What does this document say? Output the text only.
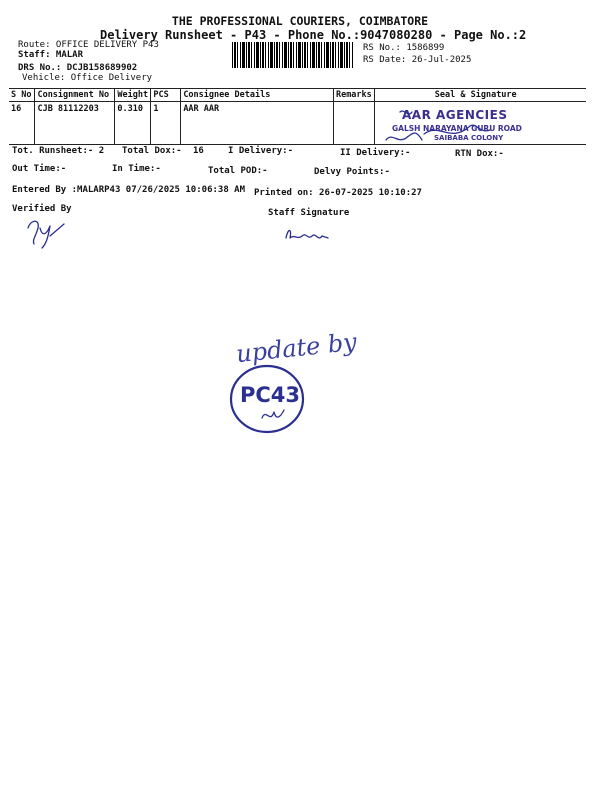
THE PROFESSIONAL COURIERS, COIMBATORE
Delivery Runsheet - P43 - Phone No.:9047080280 - Page No.:2
Route: OFFICE DELIVERY P43
Staff: MALAR
DRS No.: DCJB158689902
Vehicle: Office Delivery
RS No.: 1586899
RS Date: 26-Jul-2025
S No	Consignment No	Weight	PCS	Consignee Details	Remarks	Seal & Signature
16	CJB 81112203	0.310	1	AAR AAR			AAR AGENCIES
GALSH NARAYANA GURU ROAD
SAIBABA COLONY
Tot. Runsheet:- 2 Total Dox:- 16	I Delivery:-	II Delivery:-	RTN Dox:-
Out Time:-	In Time:-	Total POD:-	Delvy Points:-
Entered By :MALARP43 07/26/2025 10:06:38 AM Printed on: 26-07-2025 10:10:27
Verified By	Staff Signature
update by
PC43
